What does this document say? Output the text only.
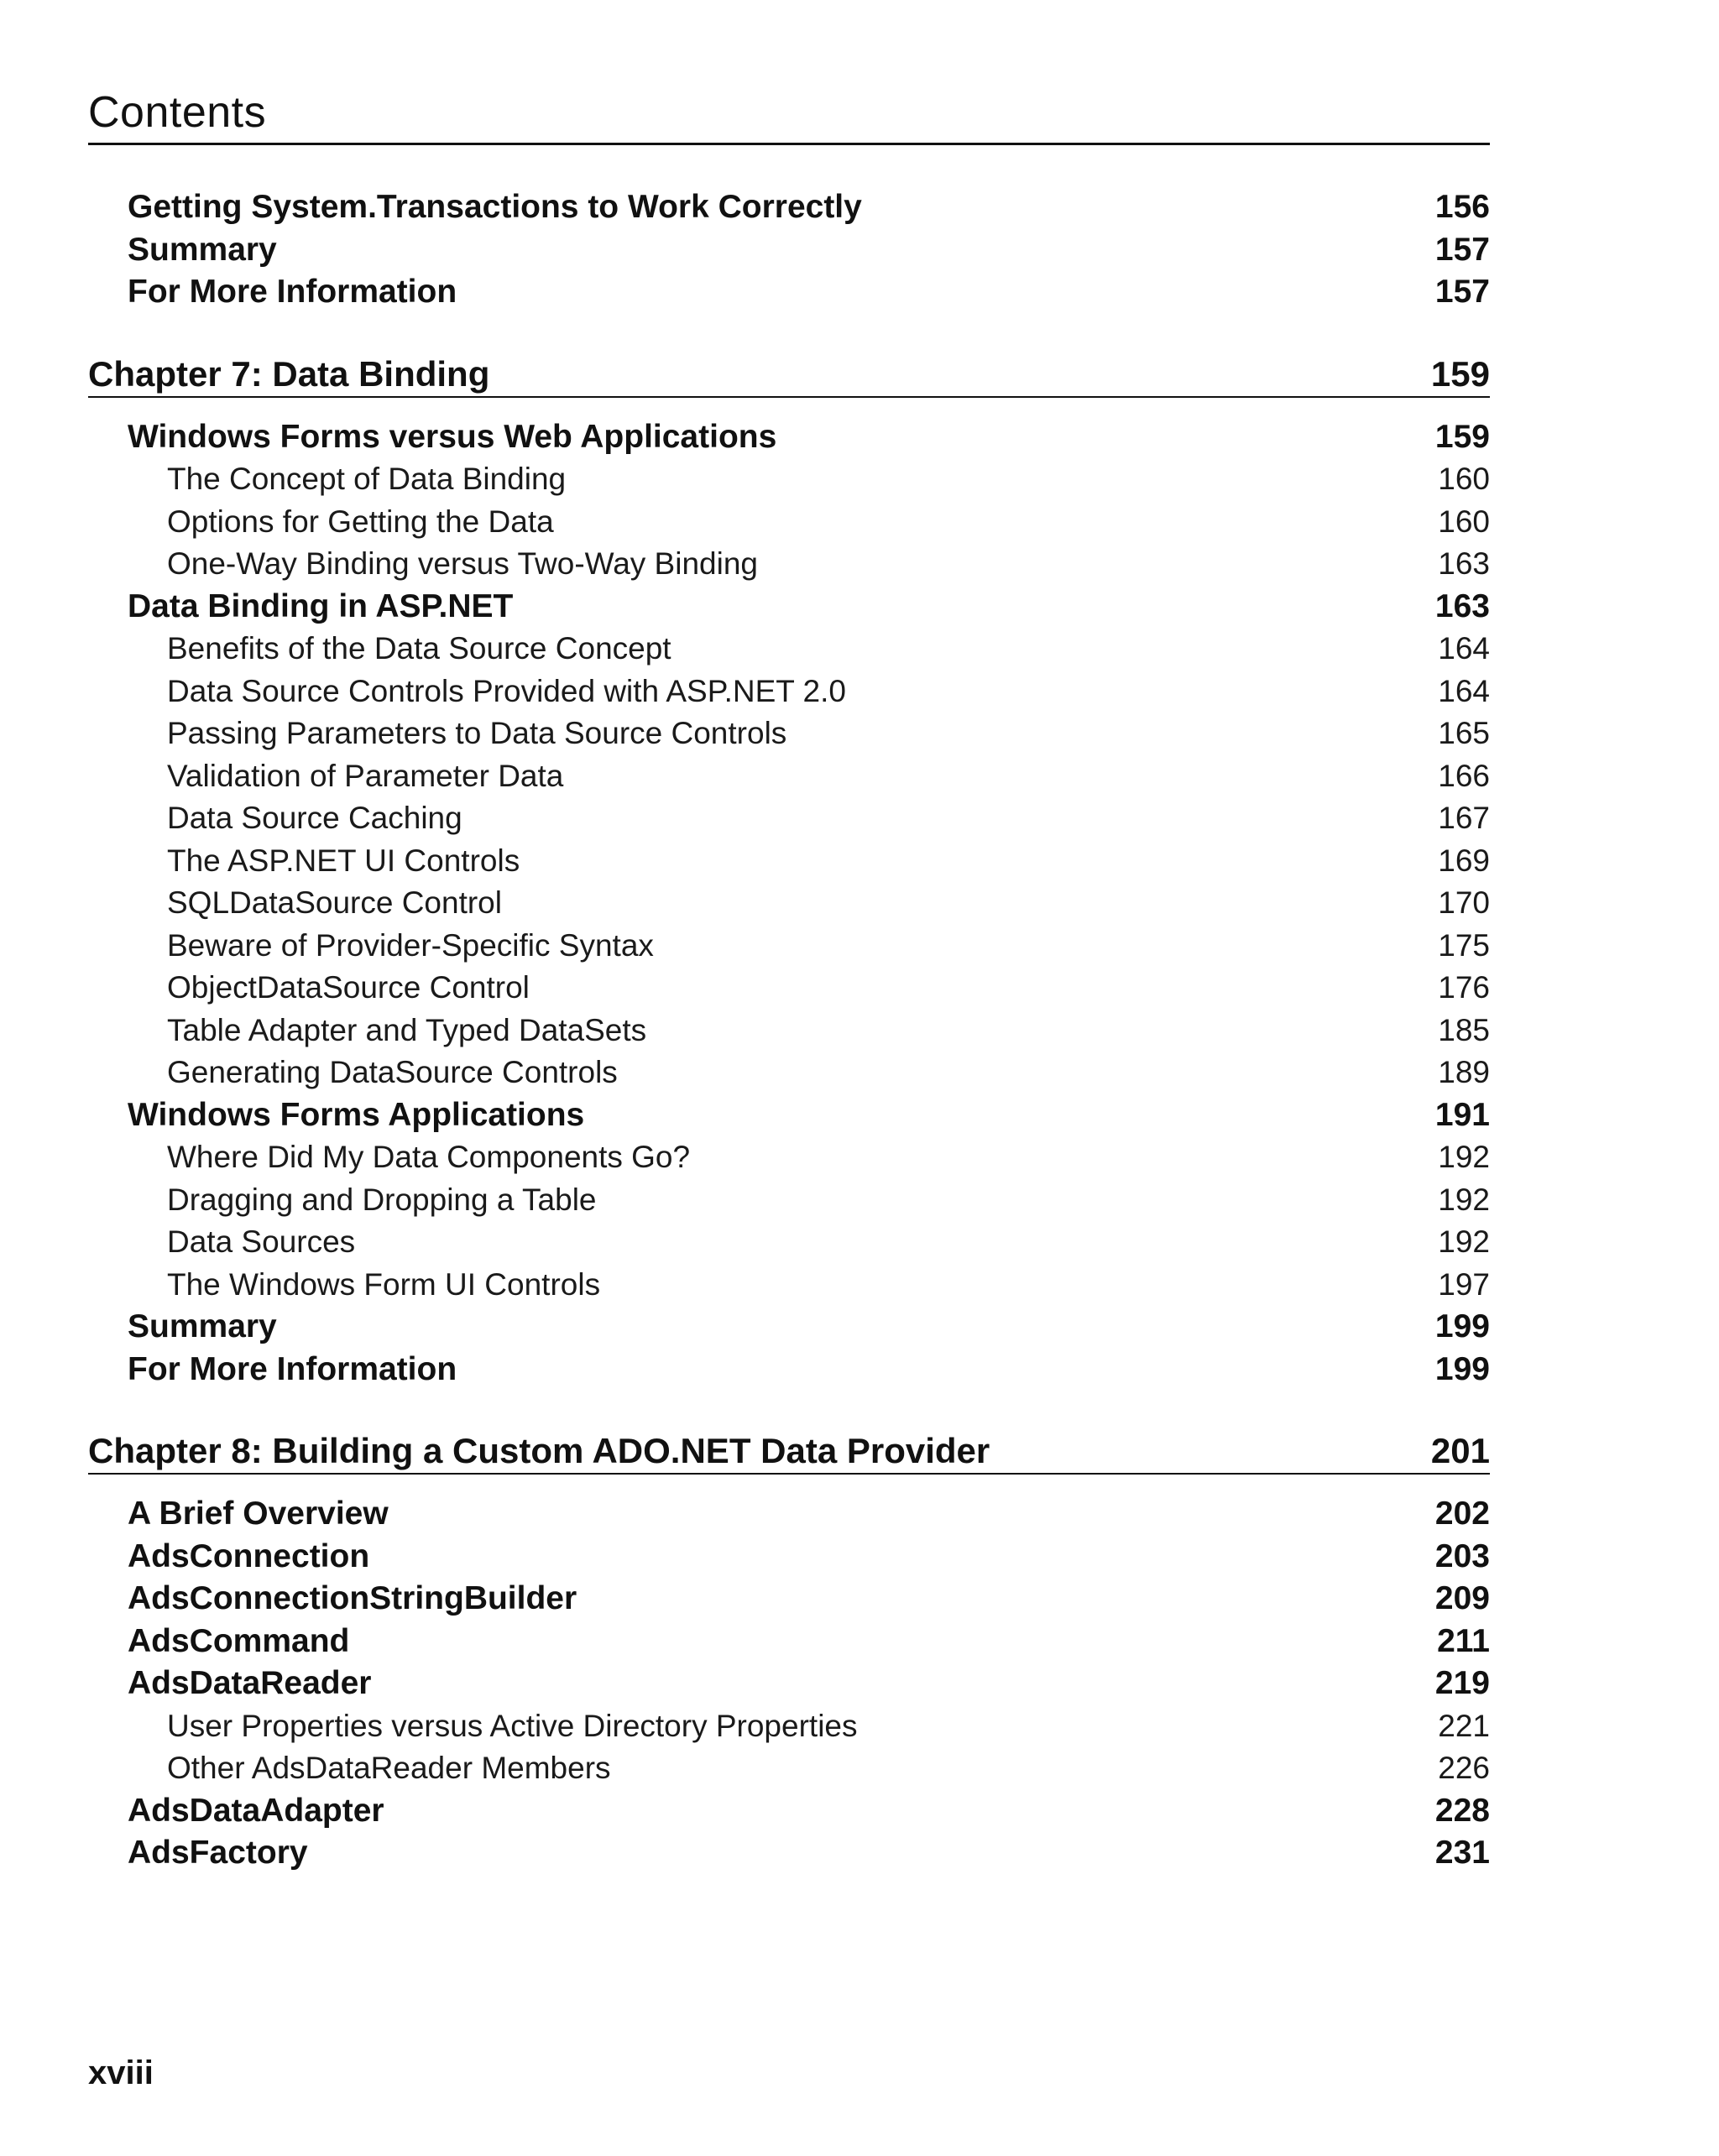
Contents
Getting System.Transactions to Work Correctly	156
Summary	157
For More Information	157
Chapter 7: Data Binding	159
Windows Forms versus Web Applications	159
The Concept of Data Binding	160
Options for Getting the Data	160
One-Way Binding versus Two-Way Binding	163
Data Binding in ASP.NET	163
Benefits of the Data Source Concept	164
Data Source Controls Provided with ASP.NET 2.0	164
Passing Parameters to Data Source Controls	165
Validation of Parameter Data	166
Data Source Caching	167
The ASP.NET UI Controls	169
SQLDataSource Control	170
Beware of Provider-Specific Syntax	175
ObjectDataSource Control	176
Table Adapter and Typed DataSets	185
Generating DataSource Controls	189
Windows Forms Applications	191
Where Did My Data Components Go?	192
Dragging and Dropping a Table	192
Data Sources	192
The Windows Form UI Controls	197
Summary	199
For More Information	199
Chapter 8: Building a Custom ADO.NET Data Provider	201
A Brief Overview	202
AdsConnection	203
AdsConnectionStringBuilder	209
AdsCommand	211
AdsDataReader	219
User Properties versus Active Directory Properties	221
Other AdsDataReader Members	226
AdsDataAdapter	228
AdsFactory	231
xviii
